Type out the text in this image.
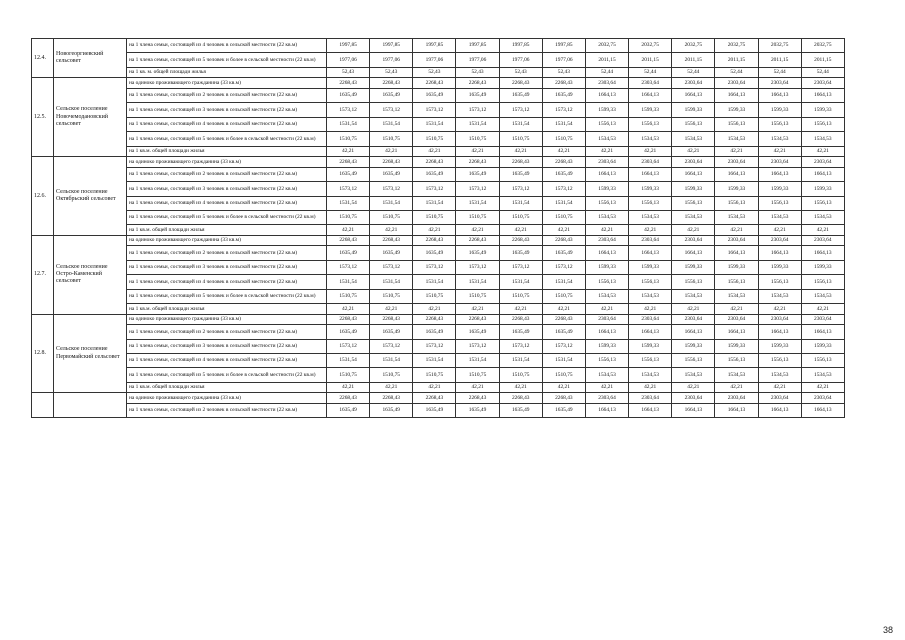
12.4.	Новогеоргиевский сельсовет	на 1 члена семьи, состоящей из 4 человек в сельской местности (22 кв.м)	1997,85	1997,85	1997,85	1997,85	1997,85	1997,85	2032,75	2032,75	2032,75	2032,75	2032,75	2032,75
		на 1 члена семьи, состоящей из 5 человек и более в сельской местности (22 кв.м)	1977,06	1977,06	1977,06	1977,06	1977,06	1977,06	2011,15	2011,15	2011,15	2011,15	2011,15	2011,15
		на 1 кв. м. общей площади жилья	52,43	52,43	52,43	52,43	52,43	52,43	52,44	52,44	52,44	52,44	52,44	52,44
12.5.	Сельское поселение Новочемодановский сельсовет	на одиноко проживающего гражданина (33 кв.м)	2268,43	2268,43	2268,43	2268,43	2268,43	2268,43	2303,64	2303,64	2303,64	2303,64	2303,64	2303,64
		на 1 члена семьи, состоящей из 2 человек в сельской местности (22 кв.м)	1635,49	1635,49	1635,49	1635,49	1635,49	1635,49	1664,13	1664,13	1664,13	1664,13	1664,13	1664,13
		на 1 члена семьи, состоящей из 3 человек в сельской местности (22 кв.м)	1573,12	1573,12	1573,12	1573,12	1573,12	1573,12	1599,33	1599,33	1599,33	1599,33	1599,33	1599,33
		на 1 члена семьи, состоящей из 4 человек в сельской местности (22 кв.м)	1531,54	1531,54	1531,54	1531,54	1531,54	1531,54	1556,13	1556,13	1556,13	1556,13	1556,13	1556,13
		на 1 члена семьи, состоящей из 5 человек и более в сельской местности (22 кв.м)	1510,75	1510,75	1510,75	1510,75	1510,75	1510,75	1534,53	1534,53	1534,53	1534,53	1534,53	1534,53
		на 1 кв.м. общей площади жилья	42,21	42,21	42,21	42,21	42,21	42,21	42,21	42,21	42,21	42,21	42,21	42,21
12.6.	Сельское поселение Октябрьский сельсовет	на одиноко проживающего гражданина (33 кв.м)	2268,43	2268,43	2268,43	2268,43	2268,43	2268,43	2303,64	2303,64	2303,64	2303,64	2303,64	2303,64
		на 1 члена семьи, состоящей из 2 человек в сельской местности (22 кв.м)	1635,49	1635,49	1635,49	1635,49	1635,49	1635,49	1664,13	1664,13	1664,13	1664,13	1664,13	1664,13
		на 1 члена семьи, состоящей из 3 человек в сельской местности (22 кв.м)	1573,12	1573,12	1573,12	1573,12	1573,12	1573,12	1599,33	1599,33	1599,33	1599,33	1599,33	1599,33
		на 1 члена семьи, состоящей из 4 человек в сельской местности (22 кв.м)	1531,54	1531,54	1531,54	1531,54	1531,54	1531,54	1556,13	1556,13	1556,13	1556,13	1556,13	1556,13
		на 1 члена семьи, состоящей из 5 человек и более в сельской местности (22 кв.м)	1510,75	1510,75	1510,75	1510,75	1510,75	1510,75	1534,53	1534,53	1534,53	1534,53	1534,53	1534,53
		на 1 кв.м. общей площади жилья	42,21	42,21	42,21	42,21	42,21	42,21	42,21	42,21	42,21	42,21	42,21	42,21
12.7.	Сельское поселение Остро-Каменский сельсовет	на одиноко проживающего гражданина (33 кв.м)	2268,43	2268,43	2268,43	2268,43	2268,43	2268,43	2303,64	2303,64	2303,64	2303,64	2303,64	2303,64
		на 1 члена семьи, состоящей из 2 человек в сельской местности (22 кв.м)	1635,49	1635,49	1635,49	1635,49	1635,49	1635,49	1664,13	1664,13	1664,13	1664,13	1664,13	1664,13
		на 1 члена семьи, состоящей из 3 человек в сельской местности (22 кв.м)	1573,12	1573,12	1573,12	1573,12	1573,12	1573,12	1599,33	1599,33	1599,33	1599,33	1599,33	1599,33
		на 1 члена семьи, состоящей из 4 человек в сельской местности (22 кв.м)	1531,54	1531,54	1531,54	1531,54	1531,54	1531,54	1556,13	1556,13	1556,13	1556,13	1556,13	1556,13
		на 1 члена семьи, состоящей из 5 человек и более в сельской местности (22 кв.м)	1510,75	1510,75	1510,75	1510,75	1510,75	1510,75	1534,53	1534,53	1534,53	1534,53	1534,53	1534,53
		на 1 кв.м. общей площади жилья	42,21	42,21	42,21	42,21	42,21	42,21	42,21	42,21	42,21	42,21	42,21	42,21
12.8.	Сельское поселение Первомайский сельсовет	на одиноко проживающего гражданина (33 кв.м)	2268,43	2268,43	2268,43	2268,43	2268,43	2268,43	2303,64	2303,64	2303,64	2303,64	2303,64	2303,64
		на 1 члена семьи, состоящей из 2 человек в сельской местности (22 кв.м)	1635,49	1635,49	1635,49	1635,49	1635,49	1635,49	1664,13	1664,13	1664,13	1664,13	1664,13	1664,13
		на 1 члена семьи, состоящей из 3 человек в сельской местности (22 кв.м)	1573,12	1573,12	1573,12	1573,12	1573,12	1573,12	1599,33	1599,33	1599,33	1599,33	1599,33	1599,33
		на 1 члена семьи, состоящей из 4 человек в сельской местности (22 кв.м)	1531,54	1531,54	1531,54	1531,54	1531,54	1531,54	1556,13	1556,13	1556,13	1556,13	1556,13	1556,13
		на 1 члена семьи, состоящей из 5 человек и более в сельской местности (22 кв.м)	1510,75	1510,75	1510,75	1510,75	1510,75	1510,75	1534,53	1534,53	1534,53	1534,53	1534,53	1534,53
		на 1 кв.м. общей площади жилья	42,21	42,21	42,21	42,21	42,21	42,21	42,21	42,21	42,21	42,21	42,21	42,21
		на одиноко проживающего гражданина (33 кв.м)	2268,43	2268,43	2268,43	2268,43	2268,43	2268,43	2303,64	2303,64	2303,64	2303,64	2303,64	2303,64
		на 1 члена семьи, состоящей из 2 человек в сельской местности (22 кв.м)	1635,49	1635,49	1635,49	1635,49	1635,49	1635,49	1664,13	1664,13	1664,13	1664,13	1664,13	1664,13
38
